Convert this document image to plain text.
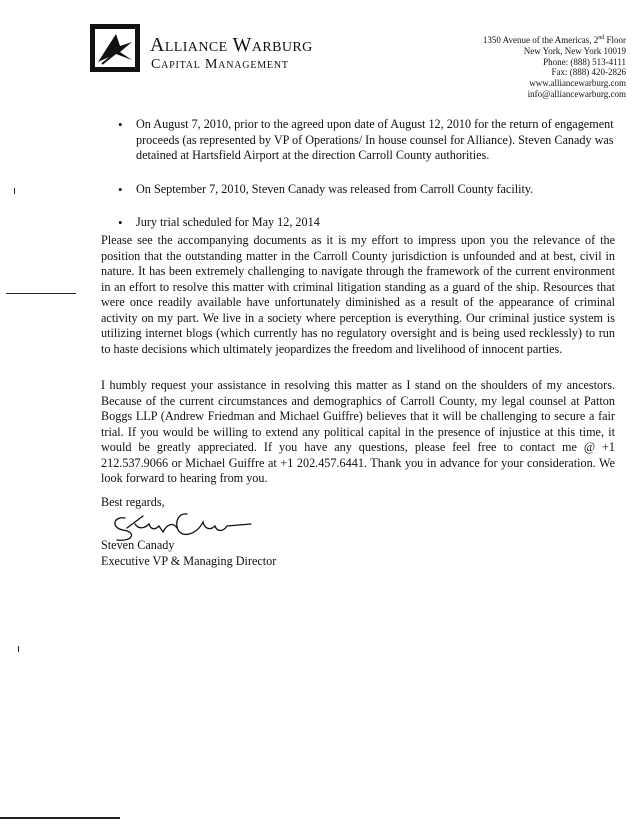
Alliance Warburg
Capital Management
1350 Avenue of the Americas, 2nd Floor
New York, New York 10019
Phone: (888) 513-4111
Fax: (888) 420-2826
www.alliancewarburg.com
info@alliancewarburg.com
• On August 7, 2010, prior to the agreed upon date of August 12, 2010 for the return of engagement proceeds (as represented by VP of Operations/ In house counsel for Alliance). Steven Canady was detained at Hartsfield Airport at the direction Carroll County authorities.
• On September 7, 2010, Steven Canady was released from Carroll County facility.
• Jury trial scheduled for May 12, 2014

Please see the accompanying documents as it is my effort to impress upon you the relevance of the position that the outstanding matter in the Carroll County jurisdiction is unfounded and at best, civil in nature. It has been extremely challenging to navigate through the framework of the current environment in an effort to resolve this matter with criminal litigation standing as a guard of the ship. Resources that were once readily available have unfortunately diminished as a result of the appearance of criminal activity on my part. We live in a society where perception is everything. Our criminal justice system is utilizing internet blogs (which currently has no regulatory oversight and is being used recklessly) to run to haste decisions which ultimately jeopardizes the freedom and livelihood of innocent parties.

I humbly request your assistance in resolving this matter as I stand on the shoulders of my ancestors. Because of the current circumstances and demographics of Carroll County, my legal counsel at Patton Boggs LLP (Andrew Friedman and Michael Guiffre) believes that it will be challenging to secure a fair trial. If you would be willing to extend any political capital in the presence of injustice at this time, it would be greatly appreciated. If you have any questions, please feel free to contact me @ +1 212.537.9066 or Michael Guiffre at +1 202.457.6441. Thank you in advance for your consideration. We look forward to hearing from you.

Best regards,
Steven Canady
Executive VP & Managing Director
